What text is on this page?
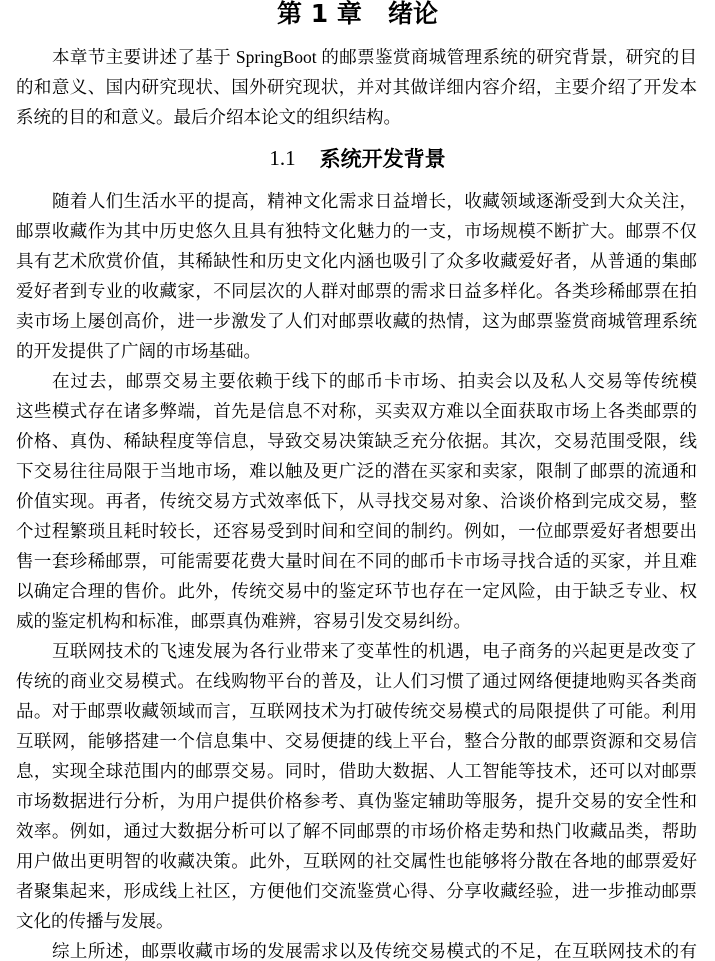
第 1 章   绪论
本章节主要讲述了基于 SpringBoot 的邮票鉴赏商城管理系统的研究背景，研究的目
的和意义、国内研究现状、国外研究现状，并对其做详细内容介绍，主要介绍了开发本
系统的目的和意义。最后介绍本论文的组织结构。
1.1 系统开发背景
随着人们生活水平的提高，精神文化需求日益增长，收藏领域逐渐受到大众关注，
邮票收藏作为其中历史悠久且具有独特文化魅力的一支，市场规模不断扩大。邮票不仅
具有艺术欣赏价值，其稀缺性和历史文化内涵也吸引了众多收藏爱好者，从普通的集邮
爱好者到专业的收藏家，不同层次的人群对邮票的需求日益多样化。各类珍稀邮票在拍
卖市场上屡创高价，进一步激发了人们对邮票收藏的热情，这为邮票鉴赏商城管理系统
的开发提供了广阔的市场基础。
在过去，邮票交易主要依赖于线下的邮币卡市场、拍卖会以及私人交易等传统模
这些模式存在诸多弊端，首先是信息不对称，买卖双方难以全面获取市场上各类邮票的
价格、真伪、稀缺程度等信息，导致交易决策缺乏充分依据。其次，交易范围受限，线
下交易往往局限于当地市场，难以触及更广泛的潜在买家和卖家，限制了邮票的流通和
价值实现。再者，传统交易方式效率低下，从寻找交易对象、洽谈价格到完成交易，整
个过程繁琐且耗时较长，还容易受到时间和空间的制约。例如，一位邮票爱好者想要出
售一套珍稀邮票，可能需要花费大量时间在不同的邮币卡市场寻找合适的买家，并且难
以确定合理的售价。此外，传统交易中的鉴定环节也存在一定风险，由于缺乏专业、权
威的鉴定机构和标准，邮票真伪难辨，容易引发交易纠纷。
互联网技术的飞速发展为各行业带来了变革性的机遇，电子商务的兴起更是改变了
传统的商业交易模式。在线购物平台的普及，让人们习惯了通过网络便捷地购买各类商
品。对于邮票收藏领域而言，互联网技术为打破传统交易模式的局限提供了可能。利用
互联网，能够搭建一个信息集中、交易便捷的线上平台，整合分散的邮票资源和交易信
息，实现全球范围内的邮票交易。同时，借助大数据、人工智能等技术，还可以对邮票
市场数据进行分析，为用户提供价格参考、真伪鉴定辅助等服务，提升交易的安全性和
效率。例如，通过大数据分析可以了解不同邮票的市场价格走势和热门收藏品类，帮助
用户做出更明智的收藏决策。此外，互联网的社交属性也能够将分散在各地的邮票爱好
者聚集起来，形成线上社区，方便他们交流鉴赏心得、分享收藏经验，进一步推动邮票
文化的传播与发展。
综上所述，邮票收藏市场的发展需求以及传统交易模式的不足，在互联网技术的有
